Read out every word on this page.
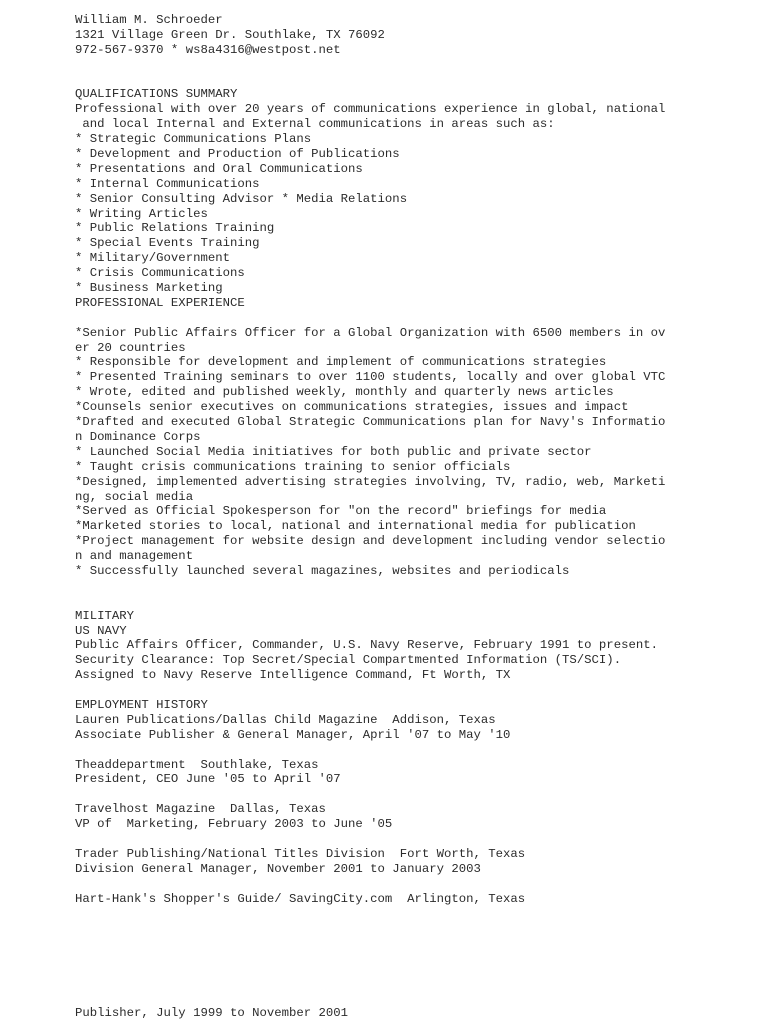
William M. Schroeder
1321 Village Green Dr. Southlake, TX 76092
972-567-9370 * ws8a4316@westpost.net

QUALIFICATIONS SUMMARY
Professional with over 20 years of communications experience in global, national
and local Internal and External communications in areas such as:
* Strategic Communications Plans
* Development and Production of Publications
* Presentations and Oral Communications
* Internal Communications
* Senior Consulting Advisor * Media Relations
* Writing Articles
* Public Relations Training
* Special Events Training
* Military/Government
* Crisis Communications
* Business Marketing
PROFESSIONAL EXPERIENCE

*Senior Public Affairs Officer for a Global Organization with 6500 members in ov
er 20 countries
* Responsible for development and implement of communications strategies
* Presented Training seminars to over 1100 students, locally and over global VTC
* Wrote, edited and published weekly, monthly and quarterly news articles
*Counsels senior executives on communications strategies, issues and impact
*Drafted and executed Global Strategic Communications plan for Navy's Informatio
n Dominance Corps
* Launched Social Media initiatives for both public and private sector
* Taught crisis communications training to senior officials
*Designed, implemented advertising strategies involving, TV, radio, web, Marketi
ng, social media
*Served as Official Spokesperson for "on the record" briefings for media
*Marketed stories to local, national and international media for publication
*Project management for website design and development including vendor selectio
n and management
* Successfully launched several magazines, websites and periodicals

MILITARY
US NAVY
Public Affairs Officer, Commander, U.S. Navy Reserve, February 1991 to present.
Security Clearance: Top Secret/Special Compartmented Information (TS/SCI).
Assigned to Navy Reserve Intelligence Command, Ft Worth, TX

EMPLOYMENT HISTORY
Lauren Publications/Dallas Child Magazine  Addison, Texas
Associate Publisher & General Manager, April '07 to May '10

Theaddepartment  Southlake, Texas
President, CEO June '05 to April '07

Travelhost Magazine  Dallas, Texas
VP of  Marketing, February 2003 to June '05

Trader Publishing/National Titles Division  Fort Worth, Texas
Division General Manager, November 2001 to January 2003

Hart-Hank's Shopper's Guide/ SavingCity.com  Arlington, Texas
Publisher, July 1999 to November 2001
